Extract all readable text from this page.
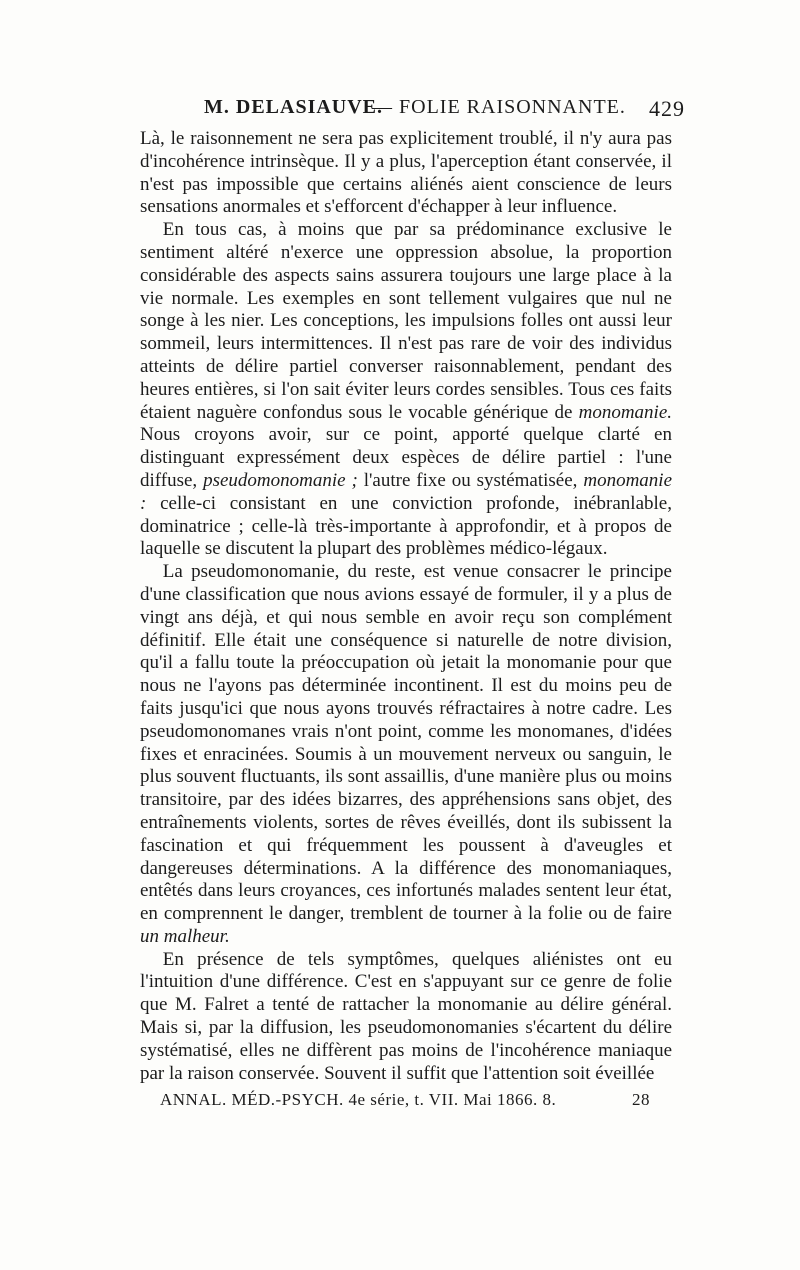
M. DELASIAUVE.
— FOLIE RAISONNANTE. 429

Là, le raisonnement ne sera pas explicitement troublé, il n'y aura pas d'incohérence intrinsèque. Il y a plus, l'aperception étant conservée, il n'est pas impossible que certains aliénés aient conscience de leurs sensations anormales et s'efforcent d'échapper à leur influence.

En tous cas, à moins que par sa prédominance exclusive le sentiment altéré n'exerce une oppression absolue, la proportion considérable des aspects sains assurera toujours une large place à la vie normale. Les exemples en sont tellement vulgaires que nul ne songe à les nier. Les conceptions, les impulsions folles ont aussi leur sommeil, leurs intermittences. Il n'est pas rare de voir des individus atteints de délire partiel converser raisonnablement, pendant des heures entières, si l'on sait éviter leurs cordes sensibles. Tous ces faits étaient naguère confondus sous le vocable générique de monomanie. Nous croyons avoir, sur ce point, apporté quelque clarté en distinguant expressément deux espèces de délire partiel : l'une diffuse, pseudomonomanie ; l'autre fixe ou systématisée, monomanie : celle-ci consistant en une conviction profonde, inébranlable, dominatrice ; celle-là très-importante à approfondir, et à propos de laquelle se discutent la plupart des problèmes médico-légaux.

La pseudomonomanie, du reste, est venue consacrer le principe d'une classification que nous avions essayé de formuler, il y a plus de vingt ans déjà, et qui nous semble en avoir reçu son complément définitif. Elle était une conséquence si naturelle de notre division, qu'il a fallu toute la préoccupation où jetait la monomanie pour que nous ne l'ayons pas déterminée incontinent. Il est du moins peu de faits jusqu'ici que nous ayons trouvés réfractaires à notre cadre. Les pseudomonomanes vrais n'ont point, comme les monomanes, d'idées fixes et enracinées. Soumis à un mouvement nerveux ou sanguin, le plus souvent fluctuants, ils sont assaillis, d'une manière plus ou moins transitoire, par des idées bizarres, des appréhensions sans objet, des entraînements violents, sortes de rêves éveillés, dont ils subissent la fascination et qui fréquemment les poussent à d'aveugles et dangereuses déterminations. A la différence des monomaniaques, entêtés dans leurs croyances, ces infortunés malades sentent leur état, en comprennent le danger, tremblent de tourner à la folie ou de faire un malheur.

En présence de tels symptômes, quelques aliénistes ont eu l'intuition d'une différence. C'est en s'appuyant sur ce genre de folie que M. Falret a tenté de rattacher la monomanie au délire général. Mais si, par la diffusion, les pseudomonomanies s'écartent du délire systématisé, elles ne diffèrent pas moins de l'incohérence maniaque par la raison conservée. Souvent il suffit que l'attention soit éveillée

ANNAL. MÉD.-PSYCH. 4e série, t. VII. Mai 1866. 8.	28
